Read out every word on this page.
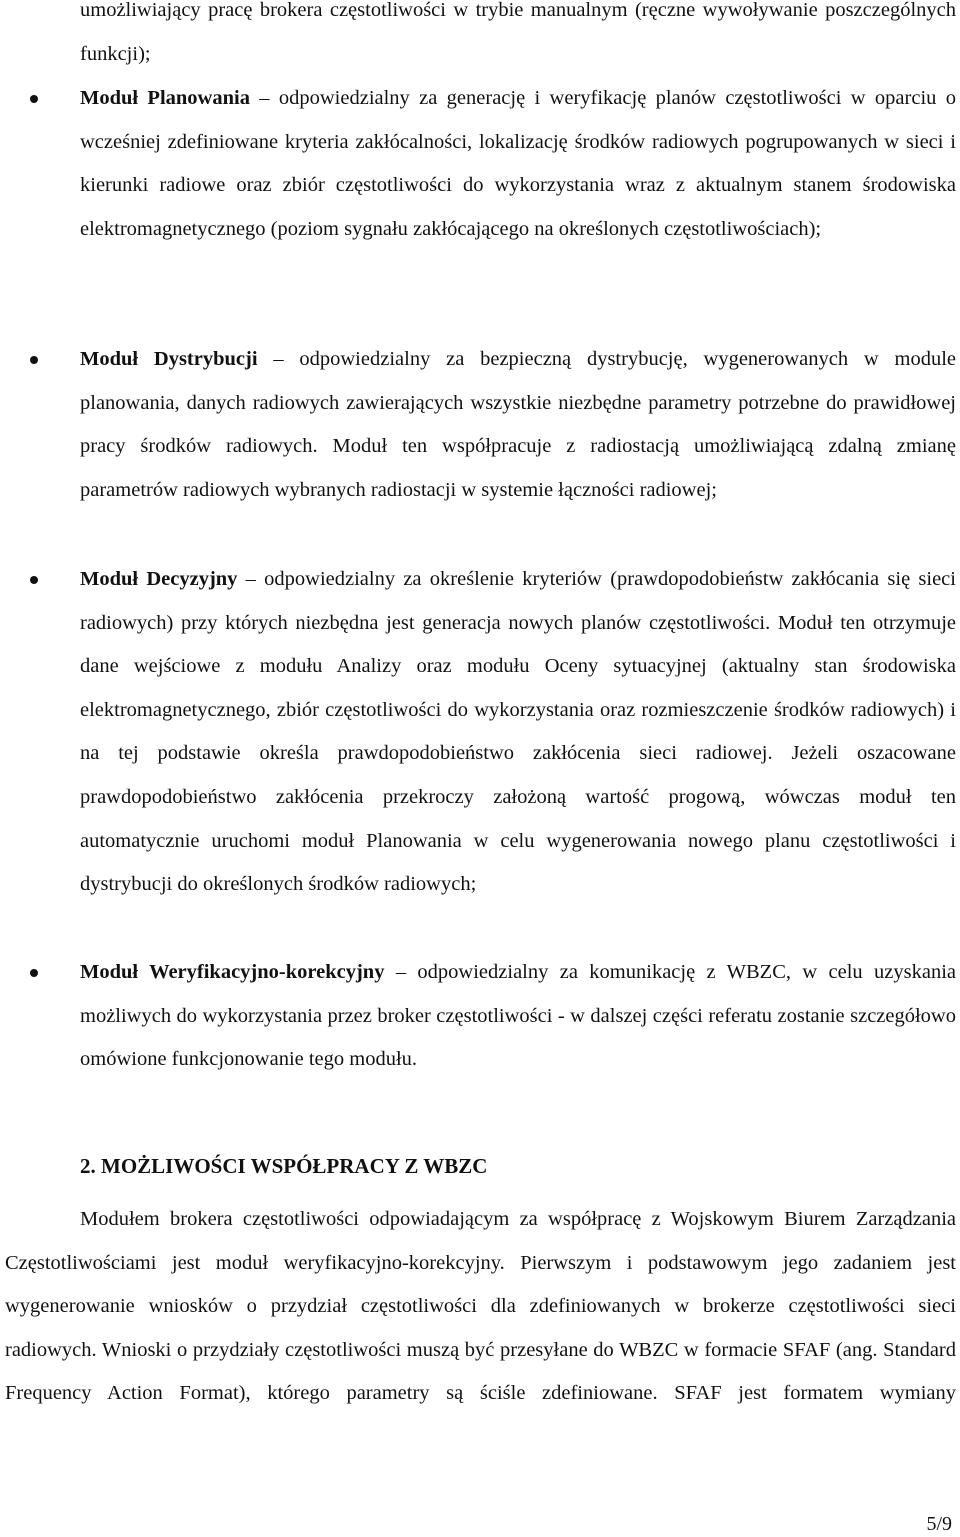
umożliwiający pracę brokera częstotliwości w trybie manualnym (ręczne wywoływanie poszczególnych funkcji);

Moduł Planowania – odpowiedzialny za generację i weryfikację planów częstotliwości w oparciu o wcześniej zdefiniowane kryteria zakłócalności, lokalizację środków radiowych pogrupowanych w sieci i kierunki radiowe oraz zbiór częstotliwości do wykorzystania wraz z aktualnym stanem środowiska elektromagnetycznego (poziom sygnału zakłócającego na określonych częstotliwościach);

Moduł Dystrybucji – odpowiedzialny za bezpieczną dystrybucję, wygenerowanych w module planowania, danych radiowych zawierających wszystkie niezbędne parametry potrzebne do prawidłowej pracy środków radiowych. Moduł ten współpracuje z radiostacją umożliwiającą zdalną zmianę parametrów radiowych wybranych radiostacji w systemie łączności radiowej;

Moduł Decyzyjny – odpowiedzialny za określenie kryteriów (prawdopodobieństw zakłócania się sieci radiowych) przy których niezbędna jest generacja nowych planów częstotliwości. Moduł ten otrzymuje dane wejściowe z modułu Analizy oraz modułu Oceny sytuacyjnej (aktualny stan środowiska elektromagnetycznego, zbiór częstotliwości do wykorzystania oraz rozmieszczenie środków radiowych) i na tej podstawie określa prawdopodobieństwo zakłócenia sieci radiowej. Jeżeli oszacowane prawdopodobieństwo zakłócenia przekroczy założoną wartość progową, wówczas moduł ten automatycznie uruchomi moduł Planowania w celu wygenerowania nowego planu częstotliwości i dystrybucji do określonych środków radiowych;

Moduł Weryfikacyjno-korekcyjny – odpowiedzialny za komunikację z WBZC, w celu uzyskania możliwych do wykorzystania przez broker częstotliwości - w dalszej części referatu zostanie szczegółowo omówione funkcjonowanie tego modułu.

2. MOŻLIWOŚCI WSPÓŁPRACY Z WBZC

Modułem brokera częstotliwości odpowiadającym za współpracę z Wojskowym Biurem Zarządzania Częstotliwościami jest moduł weryfikacyjno-korekcyjny. Pierwszym i podstawowym jego zadaniem jest wygenerowanie wniosków o przydział częstotliwości dla zdefiniowanych w brokerze częstotliwości sieci radiowych. Wnioski o przydziały częstotliwości muszą być przesyłane do WBZC w formacie SFAF (ang. Standard Frequency Action Format), którego parametry są ściśle zdefiniowane. SFAF jest formatem wymiany

5/9
